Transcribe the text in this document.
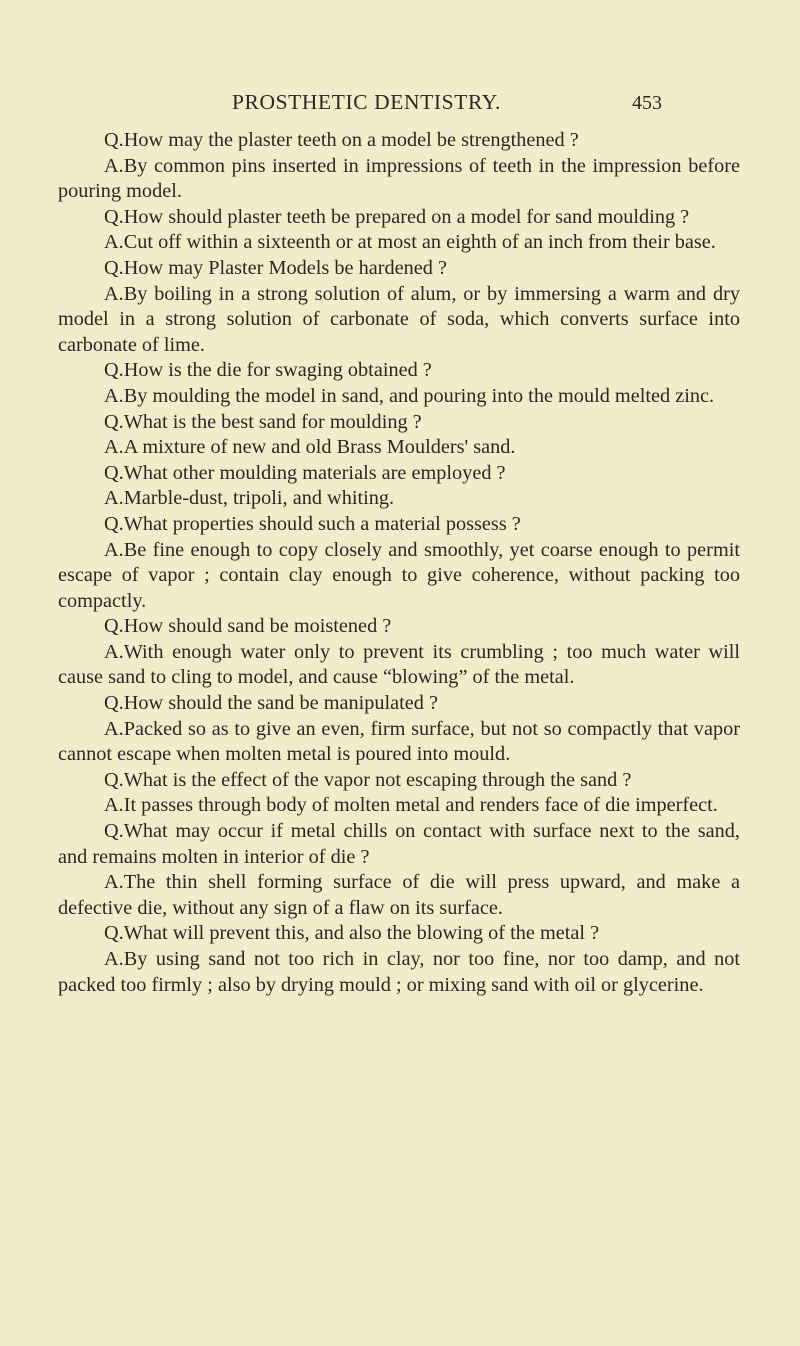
PROSTHETIC DENTISTRY.	453

Q.How may the plaster teeth on a model be strengthened ?

A.By common pins inserted in impressions of teeth in the impression before pouring model.

Q.How should plaster teeth be prepared on a model for sand moulding ?

A.Cut off within a sixteenth or at most an eighth of an inch from their base.

Q.How may Plaster Models be hardened ?

A.By boiling in a strong solution of alum, or by immersing a warm and dry model in a strong solution of carbonate of soda, which converts surface into carbonate of lime.

Q.How is the die for swaging obtained ?

A.By moulding the model in sand, and pouring into the mould melted zinc.

Q.What is the best sand for moulding ?

A.A mixture of new and old Brass Moulders' sand.

Q.What other moulding materials are employed ?

A.Marble-dust, tripoli, and whiting.

Q.What properties should such a material possess ?

A.Be fine enough to copy closely and smoothly, yet coarse enough to permit escape of vapor ; contain clay enough to give coherence, without packing too compactly.

Q.How should sand be moistened ?

A.With enough water only to prevent its crumbling ; too much water will cause sand to cling to model, and cause “blowing” of the metal.

Q.How should the sand be manipulated ?

A.Packed so as to give an even, firm surface, but not so compactly that vapor cannot escape when molten metal is poured into mould.

Q.What is the effect of the vapor not escaping through the sand ?

A.It passes through body of molten metal and renders face of die imperfect.

Q.What may occur if metal chills on contact with surface next to the sand, and remains molten in interior of die ?

A.The thin shell forming surface of die will press upward, and make a defective die, without any sign of a flaw on its surface.

Q.What will prevent this, and also the blowing of the metal ?

A.By using sand not too rich in clay, nor too fine, nor too damp, and not packed too firmly ; also by drying mould ; or mixing sand with oil or glycerine.
